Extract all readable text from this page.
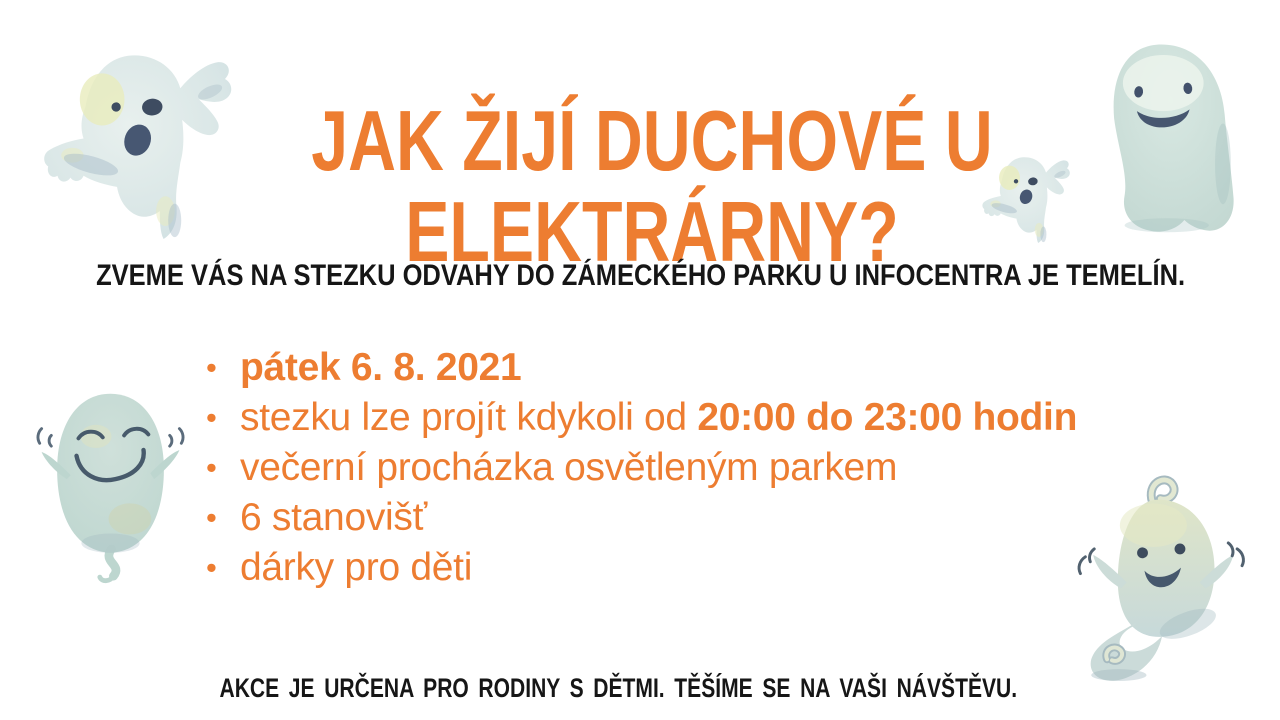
JAK ŽIJÍ DUCHOVÉ U
ELEKTRÁRNY?
ZVEME VÁS NA STEZKU ODVAHY DO ZÁMECKÉHO PARKU U INFOCENTRA JE TEMELÍN.
• pátek 6. 8. 2021
• stezku lze projít kdykoli od 20:00 do 23:00 hodin
• večerní procházka osvětleným parkem
• 6 stanovišť
• dárky pro děti
AKCE JE URČENA PRO RODINY S DĚTMI. TĚŠÍME SE NA VAŠI NÁVŠTĚVU.
